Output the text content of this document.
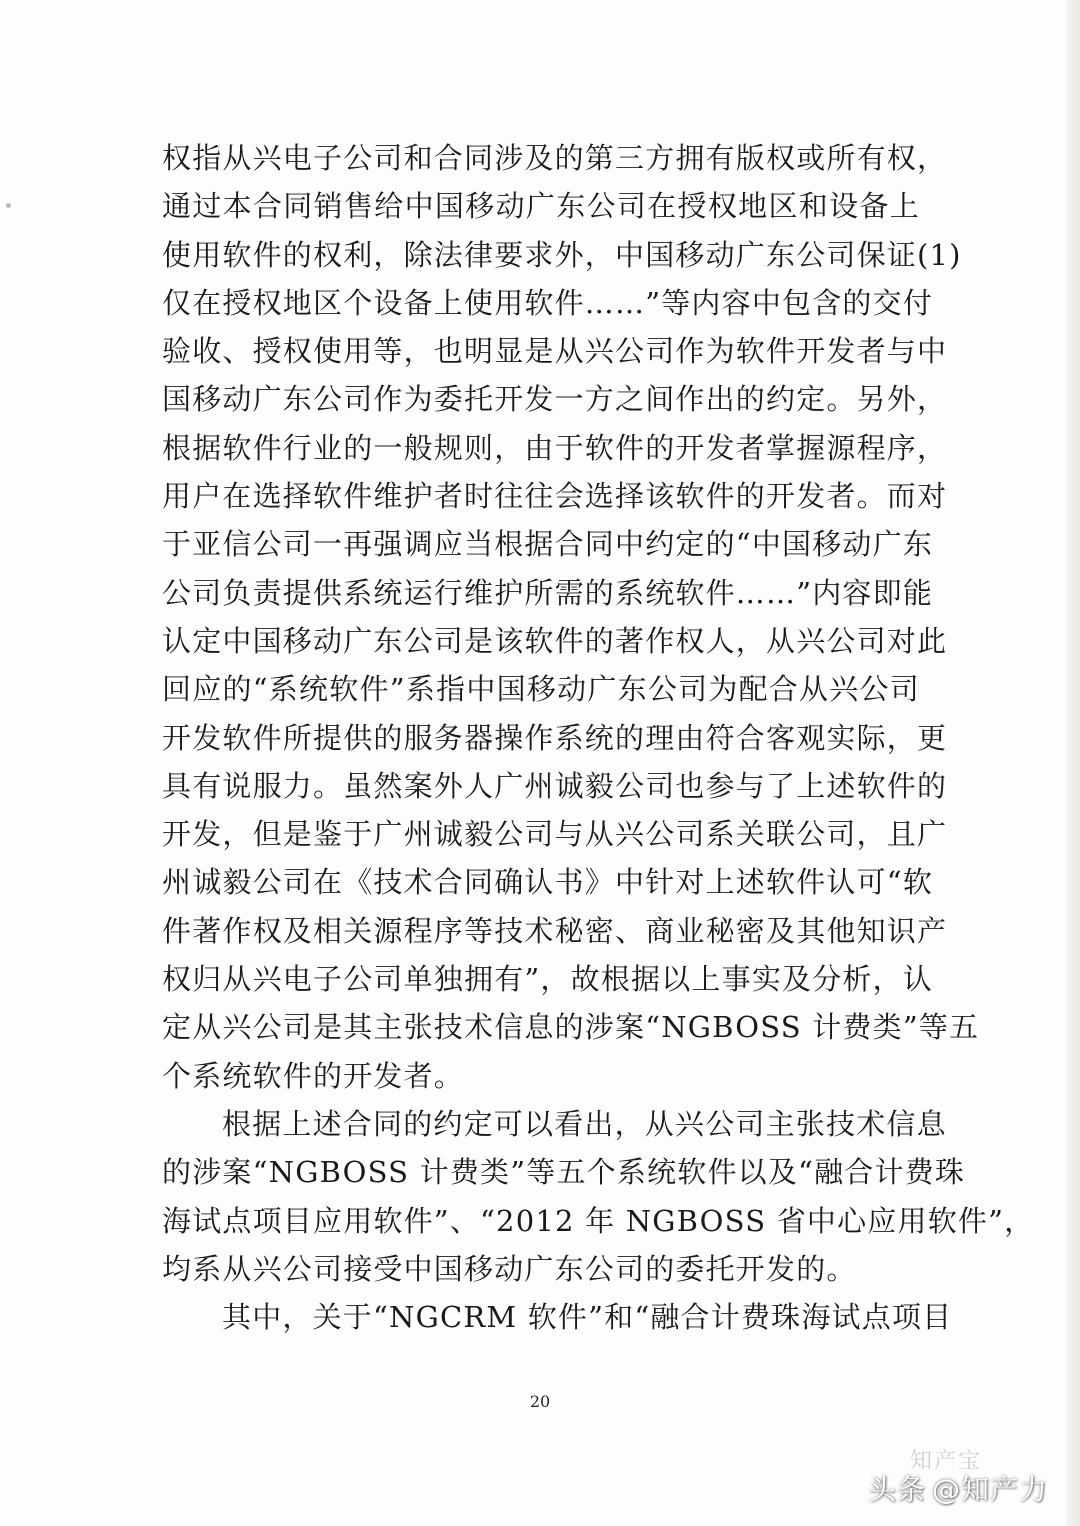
权指从兴电子公司和合同涉及的第三方拥有版权或所有权，
通过本合同销售给中国移动广东公司在授权地区和设备上
使用软件的权利，除法律要求外，中国移动广东公司保证(1)
仅在授权地区个设备上使用软件……”等内容中包含的交付
验收、授权使用等，也明显是从兴公司作为软件开发者与中
国移动广东公司作为委托开发一方之间作出的约定。另外，
根据软件行业的一般规则，由于软件的开发者掌握源程序，
用户在选择软件维护者时往往会选择该软件的开发者。而对
于亚信公司一再强调应当根据合同中约定的“中国移动广东
公司负责提供系统运行维护所需的系统软件……”内容即能
认定中国移动广东公司是该软件的著作权人，从兴公司对此
回应的“系统软件”系指中国移动广东公司为配合从兴公司
开发软件所提供的服务器操作系统的理由符合客观实际，更
具有说服力。虽然案外人广州诚毅公司也参与了上述软件的
开发，但是鉴于广州诚毅公司与从兴公司系关联公司，且广
州诚毅公司在《技术合同确认书》中针对上述软件认可“软
件著作权及相关源程序等技术秘密、商业秘密及其他知识产
权归从兴电子公司单独拥有”，故根据以上事实及分析，认
定从兴公司是其主张技术信息的涉案“NGBOSS 计费类”等五
个系统软件的开发者。
根据上述合同的约定可以看出，从兴公司主张技术信息
的涉案“NGBOSS 计费类”等五个系统软件以及“融合计费珠
海试点项目应用软件”、“2012 年 NGBOSS 省中心应用软件”，
均系从兴公司接受中国移动广东公司的委托开发的。
其中，关于“NGCRM 软件”和“融合计费珠海试点项目
20
知产宝
头条 @知产力
